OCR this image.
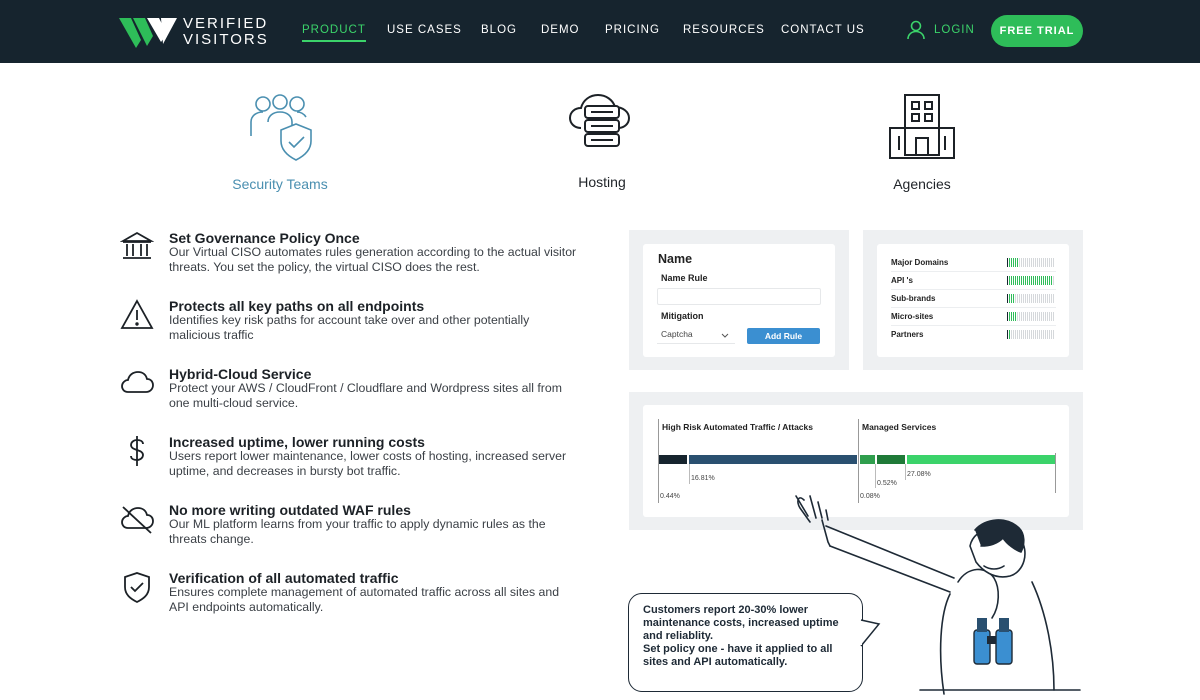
VERIFIED
VISITORS
PRODUCT USE CASES BLOG DEMO PRICING RESOURCES CONTACT US	LOGIN	FREE TRIAL
Security Teams	Hosting	Agencies
Set Governance Policy Once
Our Virtual CISO automates rules generation according to the actual visitor threats. You set the policy, the virtual CISO does the rest.
Protects all key paths on all endpoints
Identifies key risk paths for account take over and other potentially malicious traffic
Hybrid-Cloud Service
Protect your AWS / CloudFront / Cloudflare and Wordpress sites all from one multi-cloud service.
Increased uptime, lower running costs
Users report lower maintenance, lower costs of hosting, increased server uptime, and decreases in bursty bot traffic.
No more writing outdated WAF rules
Our ML platform learns from your traffic to apply dynamic rules as the threats change.
Verification of all automated traffic
Ensures complete management of automated traffic across all sites and API endpoints automatically.
Name
Name Rule
Mitigation
Captcha	Add Rule
Major Domains
API 's
Sub-brands
Micro-sites
Partners
High Risk Automated Traffic / Attacks	Managed Services
0.44%
16.81%
0.08%
0.52%
27.08%
Customers report 20-30% lower maintenance costs, increased uptime and reliablity.
Set policy one - have it applied to all sites and API automatically.
